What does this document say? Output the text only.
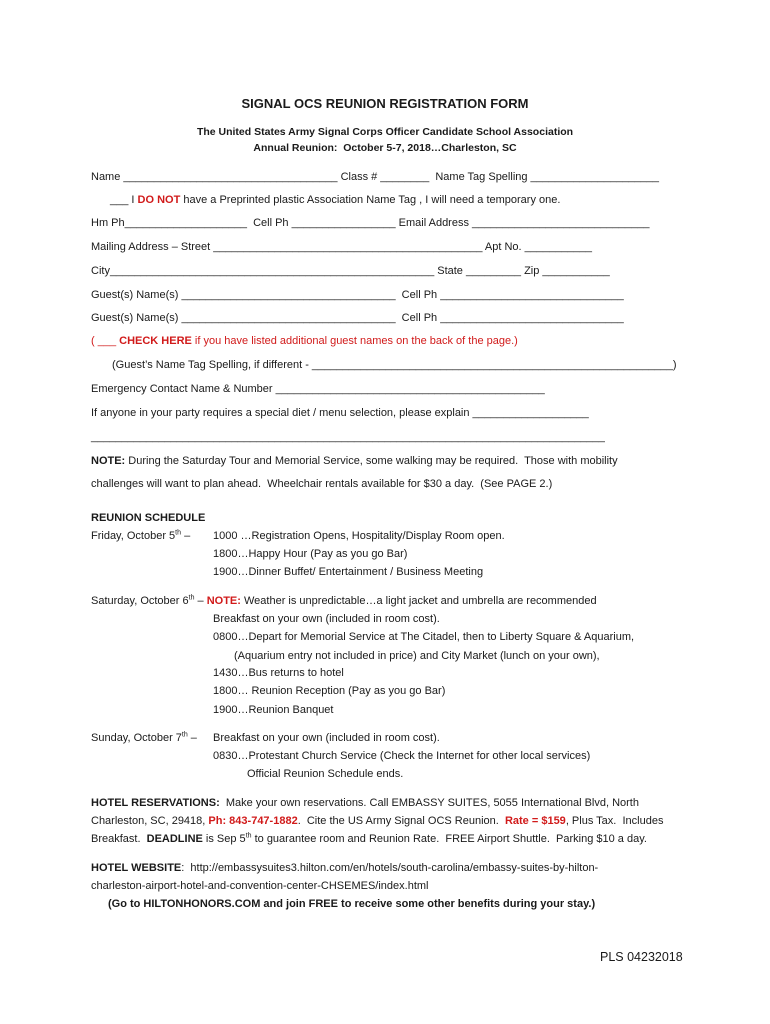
SIGNAL OCS REUNION REGISTRATION FORM
The United States Army Signal Corps Officer Candidate School Association
Annual Reunion:  October 5-7, 2018…Charleston, SC
Name ___________________________________ Class # ________  Name Tag Spelling _____________________
___ I DO NOT have a Preprinted plastic Association Name Tag , I will need a temporary one.
Hm Ph____________________  Cell Ph _________________ Email Address _____________________________
Mailing Address – Street ____________________________________________ Apt No. ___________
City_____________________________________________________ State _________ Zip ___________
Guest(s) Name(s) ___________________________________  Cell Ph ______________________________
Guest(s) Name(s) ___________________________________  Cell Ph ______________________________
( ___ CHECK HERE if you have listed additional guest names on the back of the page.)
(Guest’s Name Tag Spelling, if different - ___________________________________________________________)
Emergency Contact Name & Number ____________________________________________
If anyone in your party requires a special diet / menu selection, please explain ___________________
____________________________________________________________________________________
NOTE: During the Saturday Tour and Memorial Service, some walking may be required.  Those with mobility
challenges will want to plan ahead.  Wheelchair rentals available for $30 a day.  (See PAGE 2.)
REUNION SCHEDULE
Friday, October 5th – 1000 …Registration Opens, Hospitality/Display Room open.
1800…Happy Hour (Pay as you go Bar)
1900…Dinner Buffet/ Entertainment / Business Meeting
Saturday, October 6th – NOTE: Weather is unpredictable…a light jacket and umbrella are recommended
Breakfast on your own (included in room cost).
0800…Depart for Memorial Service at The Citadel, then to Liberty Square & Aquarium,
(Aquarium entry not included in price) and City Market (lunch on your own),
1430…Bus returns to hotel
1800… Reunion Reception (Pay as you go Bar)
1900…Reunion Banquet
Sunday, October 7th – Breakfast on your own (included in room cost).
0830…Protestant Church Service (Check the Internet for other local services)
Official Reunion Schedule ends.
HOTEL RESERVATIONS:  Make your own reservations. Call EMBASSY SUITES, 5055 International Blvd, North
Charleston, SC, 29418, Ph: 843-747-1882.  Cite the US Army Signal OCS Reunion.  Rate = $159, Plus Tax.  Includes
Breakfast.  DEADLINE is Sep 5th to guarantee room and Reunion Rate.  FREE Airport Shuttle.  Parking $10 a day.
HOTEL WEBSITE:  http://embassysuites3.hilton.com/en/hotels/south-carolina/embassy-suites-by-hilton-
charleston-airport-hotel-and-convention-center-CHSEMES/index.html
(Go to HILTONHONORS.COM and join FREE to receive some other benefits during your stay.)
PLS 04232018
